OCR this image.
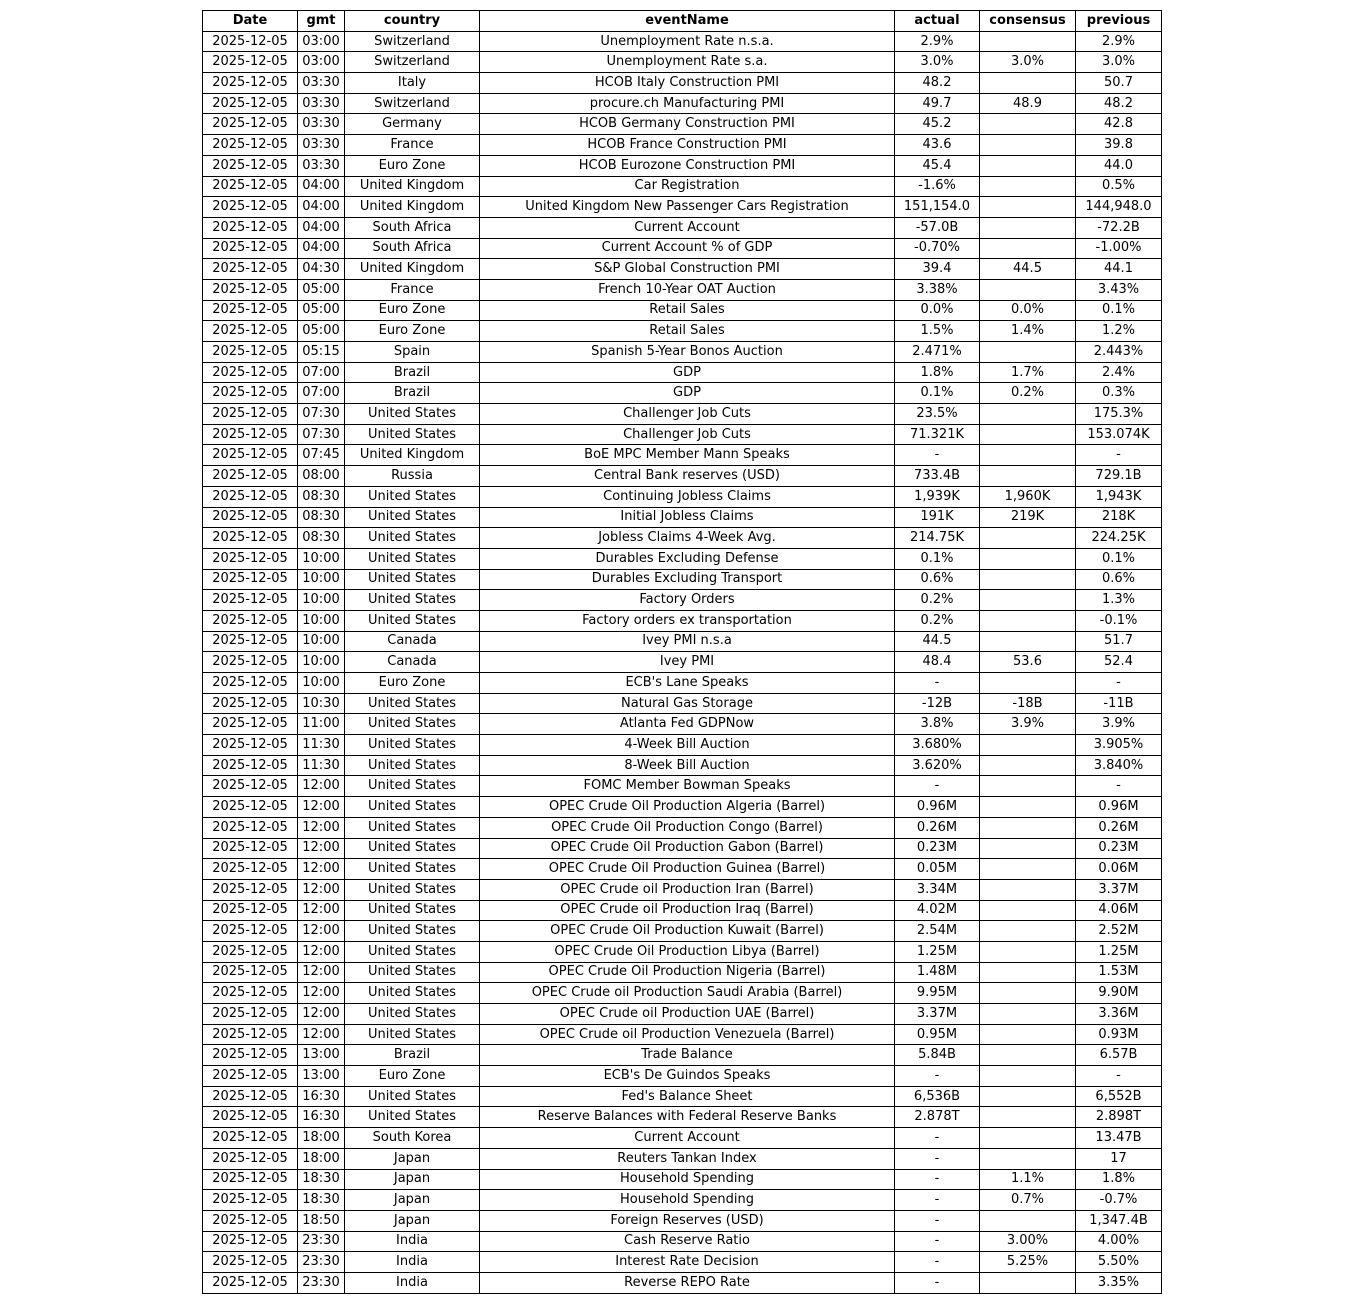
Date	gmt	country	eventName	actual	consensus	previous
2025-12-05	03:00	Switzerland	Unemployment Rate n.s.a.	2.9%		2.9%
2025-12-05	03:00	Switzerland	Unemployment Rate s.a.	3.0%	3.0%	3.0%
2025-12-05	03:30	Italy	HCOB Italy Construction PMI	48.2		50.7
2025-12-05	03:30	Switzerland	procure.ch Manufacturing PMI	49.7	48.9	48.2
2025-12-05	03:30	Germany	HCOB Germany Construction PMI	45.2		42.8
2025-12-05	03:30	France	HCOB France Construction PMI	43.6		39.8
2025-12-05	03:30	Euro Zone	HCOB Eurozone Construction PMI	45.4		44.0
2025-12-05	04:00	United Kingdom	Car Registration	-1.6%		0.5%
2025-12-05	04:00	United Kingdom	United Kingdom New Passenger Cars Registration	151,154.0		144,948.0
2025-12-05	04:00	South Africa	Current Account	-57.0B		-72.2B
2025-12-05	04:00	South Africa	Current Account % of GDP	-0.70%		-1.00%
2025-12-05	04:30	United Kingdom	S&P Global Construction PMI	39.4	44.5	44.1
2025-12-05	05:00	France	French 10-Year OAT Auction	3.38%		3.43%
2025-12-05	05:00	Euro Zone	Retail Sales	0.0%	0.0%	0.1%
2025-12-05	05:00	Euro Zone	Retail Sales	1.5%	1.4%	1.2%
2025-12-05	05:15	Spain	Spanish 5-Year Bonos Auction	2.471%		2.443%
2025-12-05	07:00	Brazil	GDP	1.8%	1.7%	2.4%
2025-12-05	07:00	Brazil	GDP	0.1%	0.2%	0.3%
2025-12-05	07:30	United States	Challenger Job Cuts	23.5%		175.3%
2025-12-05	07:30	United States	Challenger Job Cuts	71.321K		153.074K
2025-12-05	07:45	United Kingdom	BoE MPC Member Mann Speaks	-		-
2025-12-05	08:00	Russia	Central Bank reserves (USD)	733.4B		729.1B
2025-12-05	08:30	United States	Continuing Jobless Claims	1,939K	1,960K	1,943K
2025-12-05	08:30	United States	Initial Jobless Claims	191K	219K	218K
2025-12-05	08:30	United States	Jobless Claims 4-Week Avg.	214.75K		224.25K
2025-12-05	10:00	United States	Durables Excluding Defense	0.1%		0.1%
2025-12-05	10:00	United States	Durables Excluding Transport	0.6%		0.6%
2025-12-05	10:00	United States	Factory Orders	0.2%		1.3%
2025-12-05	10:00	United States	Factory orders ex transportation	0.2%		-0.1%
2025-12-05	10:00	Canada	Ivey PMI n.s.a	44.5		51.7
2025-12-05	10:00	Canada	Ivey PMI	48.4	53.6	52.4
2025-12-05	10:00	Euro Zone	ECB's Lane Speaks	-		-
2025-12-05	10:30	United States	Natural Gas Storage	-12B	-18B	-11B
2025-12-05	11:00	United States	Atlanta Fed GDPNow	3.8%	3.9%	3.9%
2025-12-05	11:30	United States	4-Week Bill Auction	3.680%		3.905%
2025-12-05	11:30	United States	8-Week Bill Auction	3.620%		3.840%
2025-12-05	12:00	United States	FOMC Member Bowman Speaks	-		-
2025-12-05	12:00	United States	OPEC Crude Oil Production Algeria (Barrel)	0.96M		0.96M
2025-12-05	12:00	United States	OPEC Crude Oil Production Congo (Barrel)	0.26M		0.26M
2025-12-05	12:00	United States	OPEC Crude Oil Production Gabon (Barrel)	0.23M		0.23M
2025-12-05	12:00	United States	OPEC Crude Oil Production Guinea (Barrel)	0.05M		0.06M
2025-12-05	12:00	United States	OPEC Crude oil Production Iran (Barrel)	3.34M		3.37M
2025-12-05	12:00	United States	OPEC Crude oil Production Iraq (Barrel)	4.02M		4.06M
2025-12-05	12:00	United States	OPEC Crude Oil Production Kuwait (Barrel)	2.54M		2.52M
2025-12-05	12:00	United States	OPEC Crude Oil Production Libya (Barrel)	1.25M		1.25M
2025-12-05	12:00	United States	OPEC Crude Oil Production Nigeria (Barrel)	1.48M		1.53M
2025-12-05	12:00	United States	OPEC Crude oil Production Saudi Arabia (Barrel)	9.95M		9.90M
2025-12-05	12:00	United States	OPEC Crude oil Production UAE (Barrel)	3.37M		3.36M
2025-12-05	12:00	United States	OPEC Crude oil Production Venezuela (Barrel)	0.95M		0.93M
2025-12-05	13:00	Brazil	Trade Balance	5.84B		6.57B
2025-12-05	13:00	Euro Zone	ECB's De Guindos Speaks	-		-
2025-12-05	16:30	United States	Fed's Balance Sheet	6,536B		6,552B
2025-12-05	16:30	United States	Reserve Balances with Federal Reserve Banks	2.878T		2.898T
2025-12-05	18:00	South Korea	Current Account	-		13.47B
2025-12-05	18:00	Japan	Reuters Tankan Index	-		17
2025-12-05	18:30	Japan	Household Spending	-	1.1%	1.8%
2025-12-05	18:30	Japan	Household Spending	-	0.7%	-0.7%
2025-12-05	18:50	Japan	Foreign Reserves (USD)	-		1,347.4B
2025-12-05	23:30	India	Cash Reserve Ratio	-	3.00%	4.00%
2025-12-05	23:30	India	Interest Rate Decision	-	5.25%	5.50%
2025-12-05	23:30	India	Reverse REPO Rate	-		3.35%
